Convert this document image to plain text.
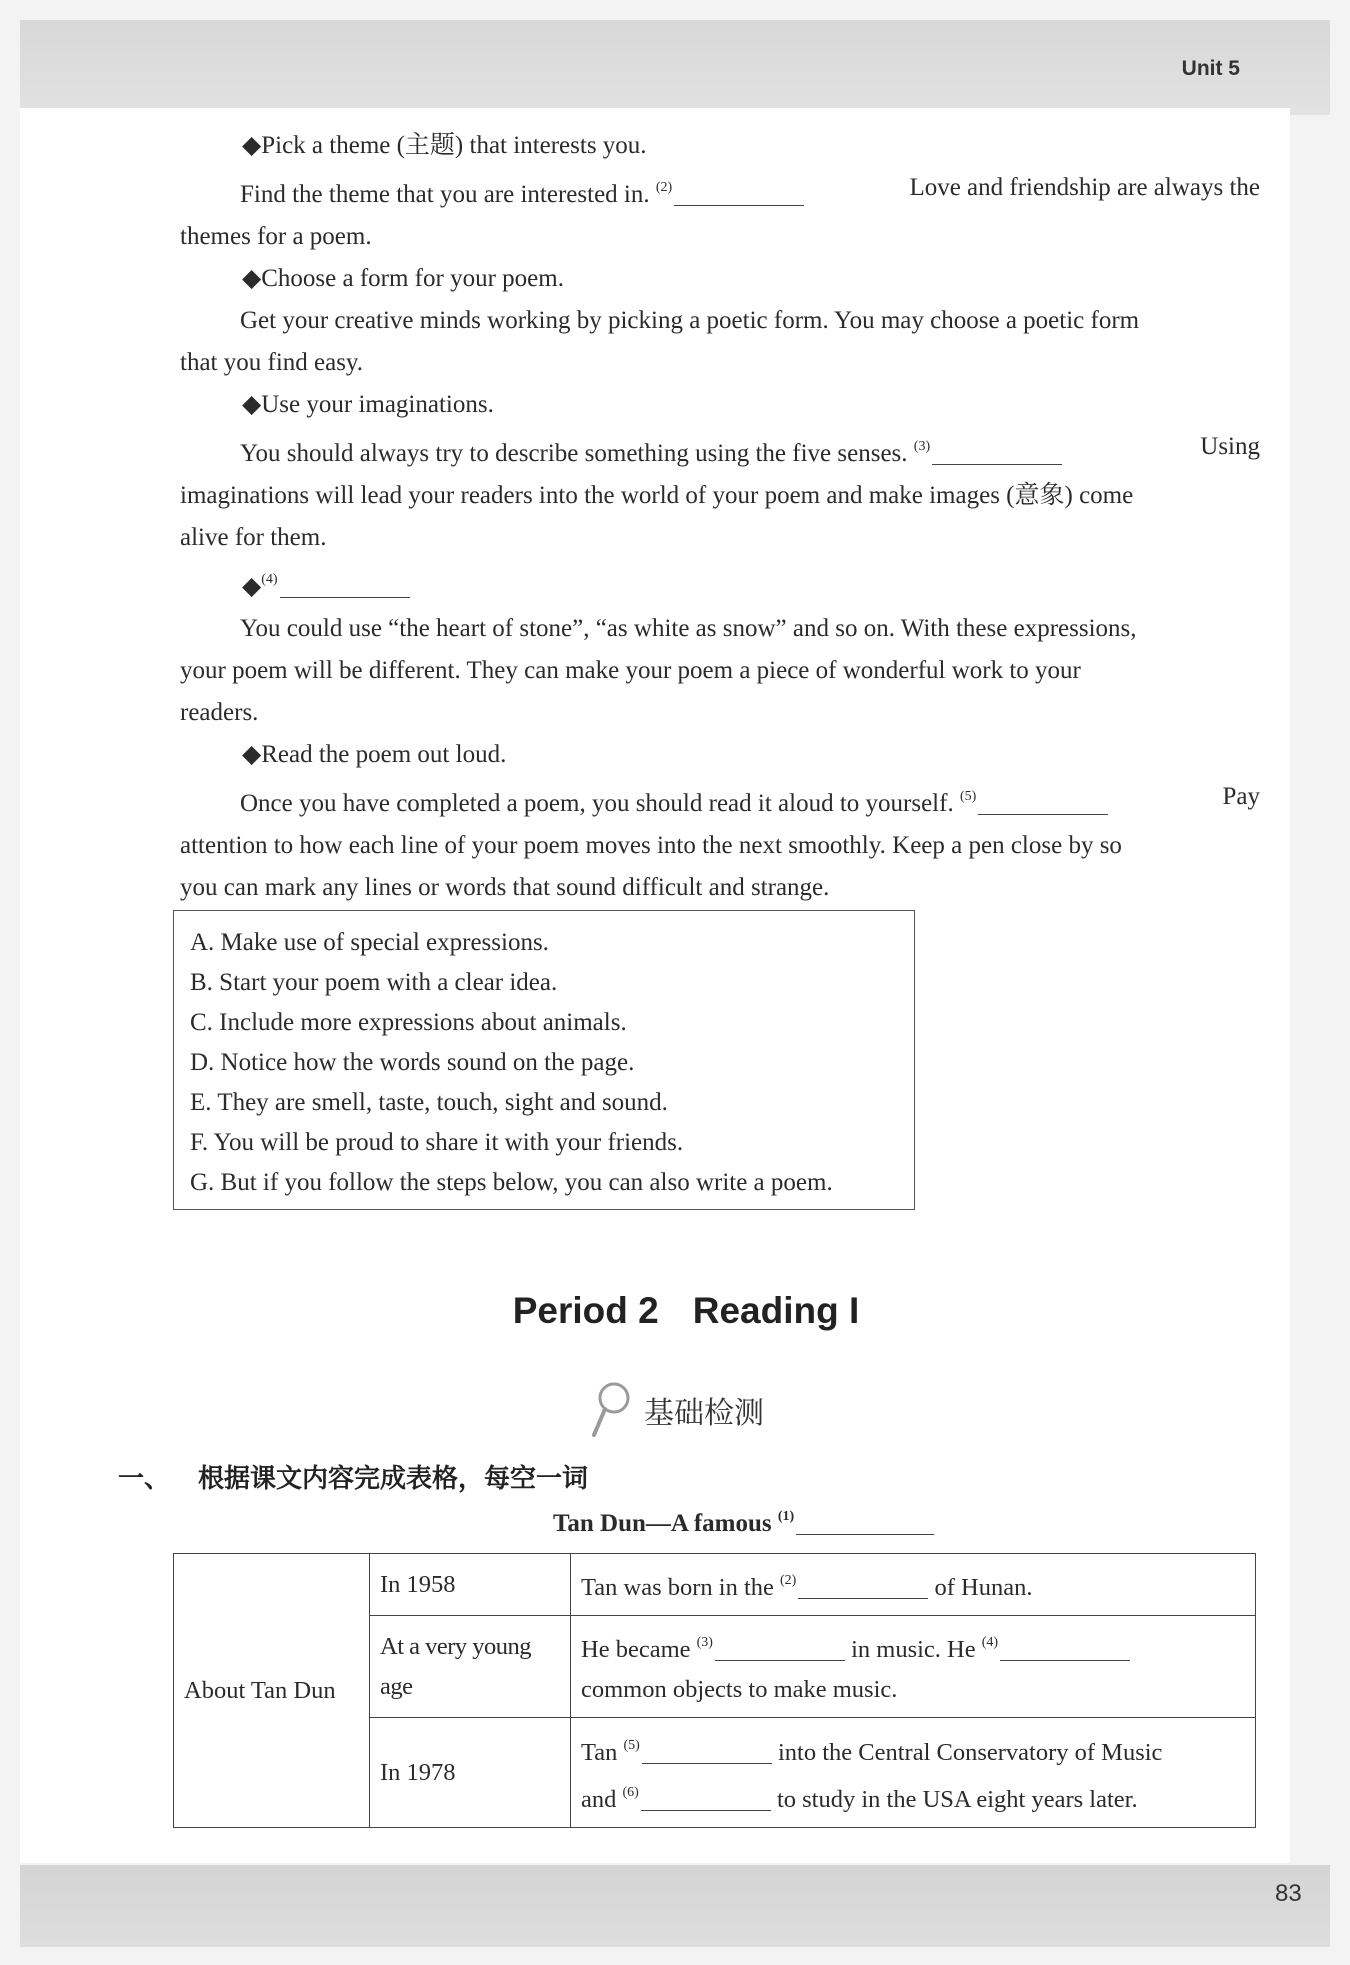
Unit 5

◆Pick a theme (主题) that interests you.

Find the theme that you are interested in. $^{(2)}$	Love and friendship are always the

themes for a poem.

◆Choose a form for your poem.

Get your creative minds working by picking a poetic form. You may choose a poetic form

that you find easy.

◆Use your imaginations.

You should always try to describe something using the five senses. $^{(3)}$	Using

imaginations will lead your readers into the world of your poem and make images (意象) come

alive for them.

◆$^{(4)}$

You could use “the heart of stone”, “as white as snow” and so on. With these expressions,

your poem will be different. They can make your poem a piece of wonderful work to your

readers.

◆Read the poem out loud.

Once you have completed a poem, you should read it aloud to yourself. $^{(5)}$	Pay

attention to how each line of your poem moves into the next smoothly. Keep a pen close by so

you can mark any lines or words that sound difficult and strange.

A. Make use of special expressions.
B. Start your poem with a clear idea.
C. Include more expressions about animals.
D. Notice how the words sound on the page.
E. They are smell, taste, touch, sight and sound.
F. You will be proud to share it with your friends.
G. But if you follow the steps below, you can also write a poem.
Period 2 Reading I
基础检测
一、 根据课文内容完成表格，每空一词
Tan Dun—A famous $^{(1)}$
About Tan Dun	In 1958	Tan was born in the $^{(2)}$ of Hunan.
	At a very young age	He became $^{(3)}$ in music. He $^{(4)}$
common objects to make music.

	In 1978	Tan $^{(5)}$ into the Central Conservatory of Music
and $^{(6)}$ to study in the USA eight years later.
83
